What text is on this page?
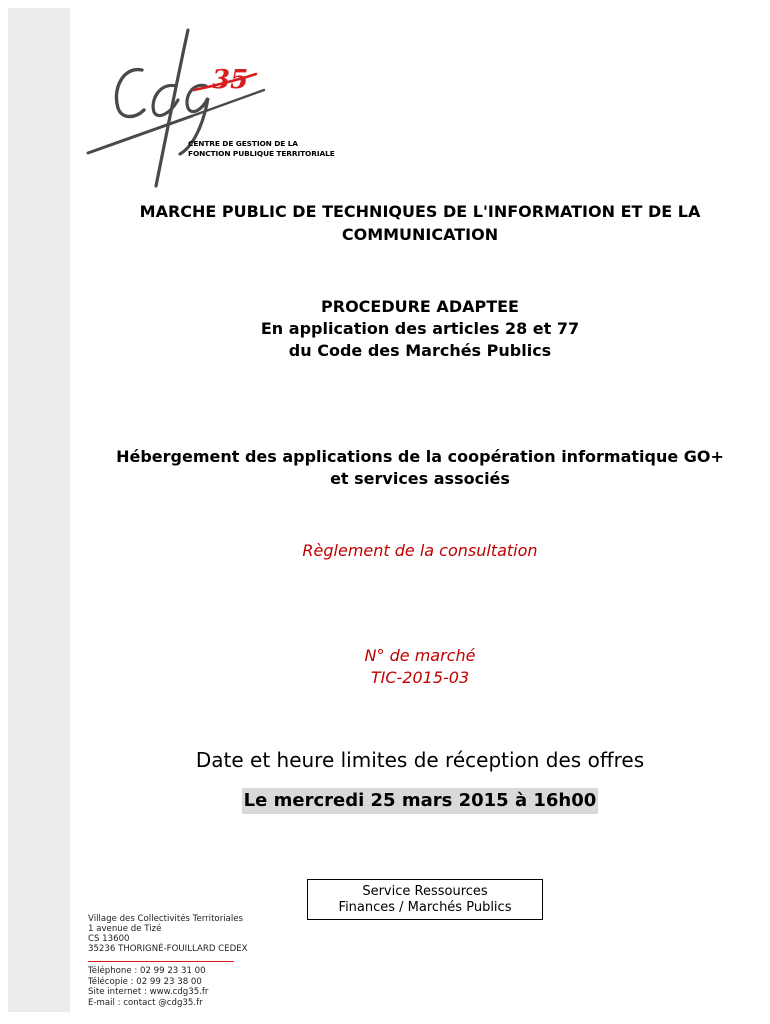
35
CENTRE DE GESTION DE LA
FONCTION PUBLIQUE TERRITORIALE
MARCHE PUBLIC DE TECHNIQUES DE L'INFORMATION ET DE LA
COMMUNICATION
PROCEDURE ADAPTEE
En application des articles 28 et 77
du Code des Marchés Publics
Hébergement des applications de la coopération informatique GO+
et services associés
Règlement de la consultation
N° de marché
TIC-2015-03
Date et heure limites de réception des offres
Le mercredi 25 mars 2015 à 16h00
Service Ressources
Finances / Marchés Publics
Village des Collectivités Territoriales
1 avenue de Tizé
CS 13600
35236 THORIGNÉ-FOUILLARD CEDEX
Téléphone : 02 99 23 31 00
Télécopie : 02 99 23 38 00
Site internet : www.cdg35.fr
E-mail : contact @cdg35.fr
